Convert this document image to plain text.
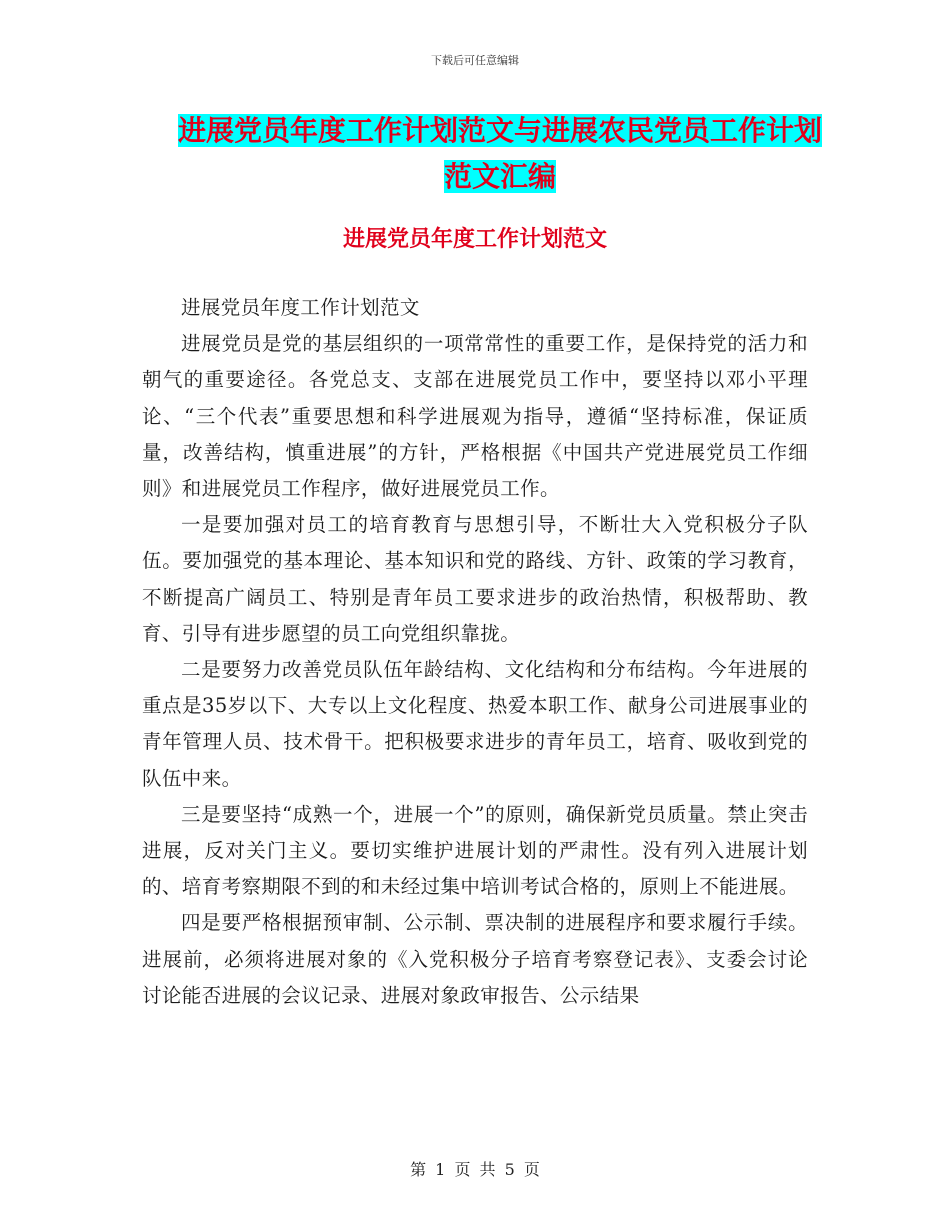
下载后可任意编辑
进展党员年度工作计划范文与进展农民党员工作计划
范文汇编
进展党员年度工作计划范文

进展党员年度工作计划范文

进展党员是党的基层组织的一项常常性的重要工作，是保持党的活力和朝气的重要途径。各党总支、支部在进展党员工作中，要坚持以邓小平理论、“三个代表”重要思想和科学进展观为指导，遵循“坚持标准，保证质量，改善结构，慎重进展”的方针，严格根据《中国共产党进展党员工作细则》和进展党员工作程序，做好进展党员工作。

一是要加强对员工的培育教育与思想引导，不断壮大入党积极分子队伍。要加强党的基本理论、基本知识和党的路线、方针、政策的学习教育，不断提高广阔员工、特别是青年员工要求进步的政治热情，积极帮助、教育、引导有进步愿望的员工向党组织靠拢。

二是要努力改善党员队伍年龄结构、文化结构和分布结构。今年进展的重点是35岁以下、大专以上文化程度、热爱本职工作、献身公司进展事业的青年管理人员、技术骨干。把积极要求进步的青年员工，培育、吸收到党的队伍中来。

三是要坚持“成熟一个，进展一个”的原则，确保新党员质量。禁止突击进展，反对关门主义。要切实维护进展计划的严肃性。没有列入进展计划的、培育考察期限不到的和未经过集中培训考试合格的，原则上不能进展。

四是要严格根据预审制、公示制、票决制的进展程序和要求履行手续。进展前，必须将进展对象的《入党积极分子培育考察登记表》、支委会讨论讨论能否进展的会议记录、进展对象政审报告、公示结果

第 1 页 共 5 页
